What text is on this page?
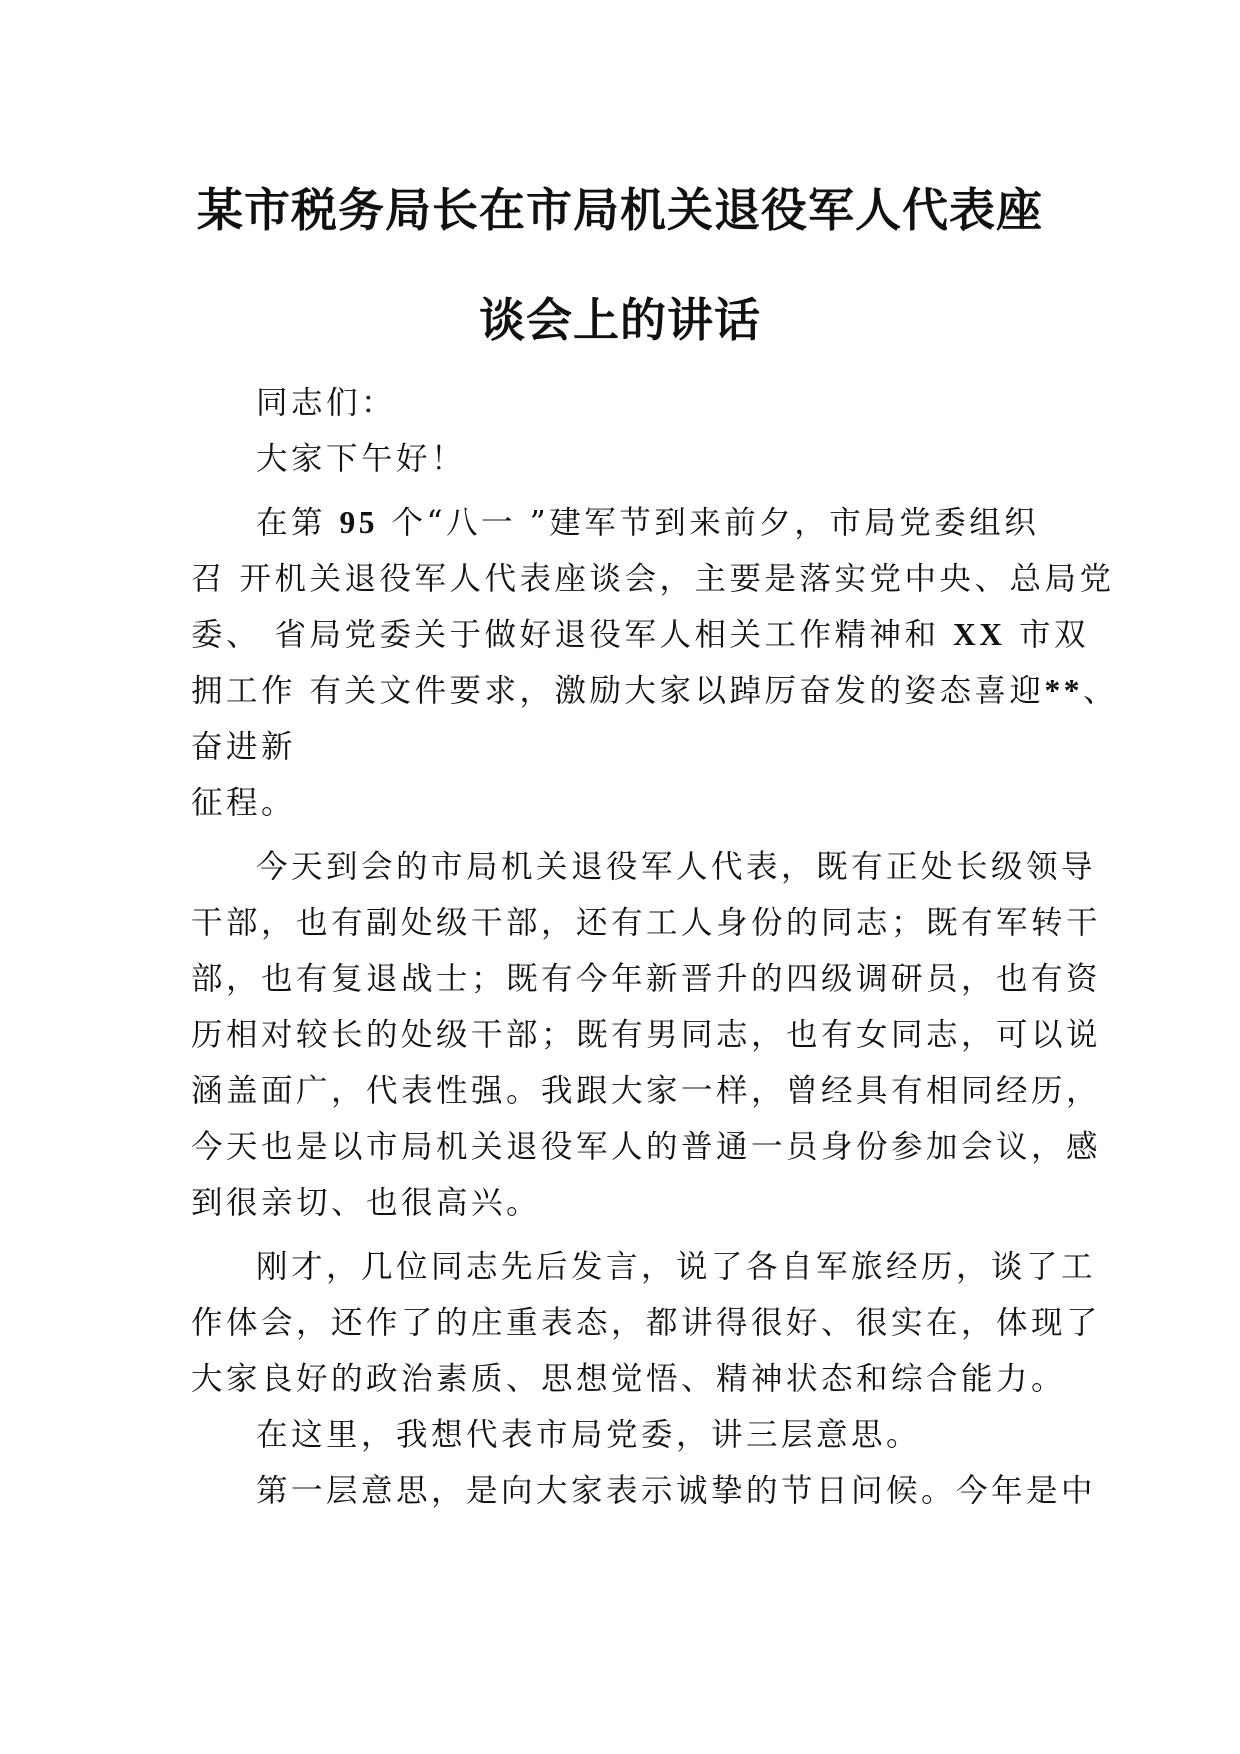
某市税务局长在市局机关退役军人代表座
谈会上的讲话
同志们：
大家下午好！
在第 95 个“八一 ”建军节到来前夕，市局党委组织
召 开机关退役军人代表座谈会，主要是落实党中央、总局党
委、 省局党委关于做好退役军人相关工作精神和 XX 市双
拥工作 有关文件要求，激励大家以踔厉奋发的姿态喜迎**、
奋进新
征程。
今天到会的市局机关退役军人代表，既有正处长级领导
干部，也有副处级干部，还有工人身份的同志；既有军转干
部，也有复退战士；既有今年新晋升的四级调研员，也有资
历相对较长的处级干部；既有男同志，也有女同志，可以说
涵盖面广，代表性强。我跟大家一样，曾经具有相同经历，
今天也是以市局机关退役军人的普通一员身份参加会议，感
到很亲切、也很高兴。
刚才，几位同志先后发言，说了各自军旅经历，谈了工
作体会，还作了的庄重表态，都讲得很好、很实在，体现了
大家良好的政治素质、思想觉悟、精神状态和综合能力。
在这里，我想代表市局党委，讲三层意思。
第一层意思，是向大家表示诚挚的节日问候。今年是中
